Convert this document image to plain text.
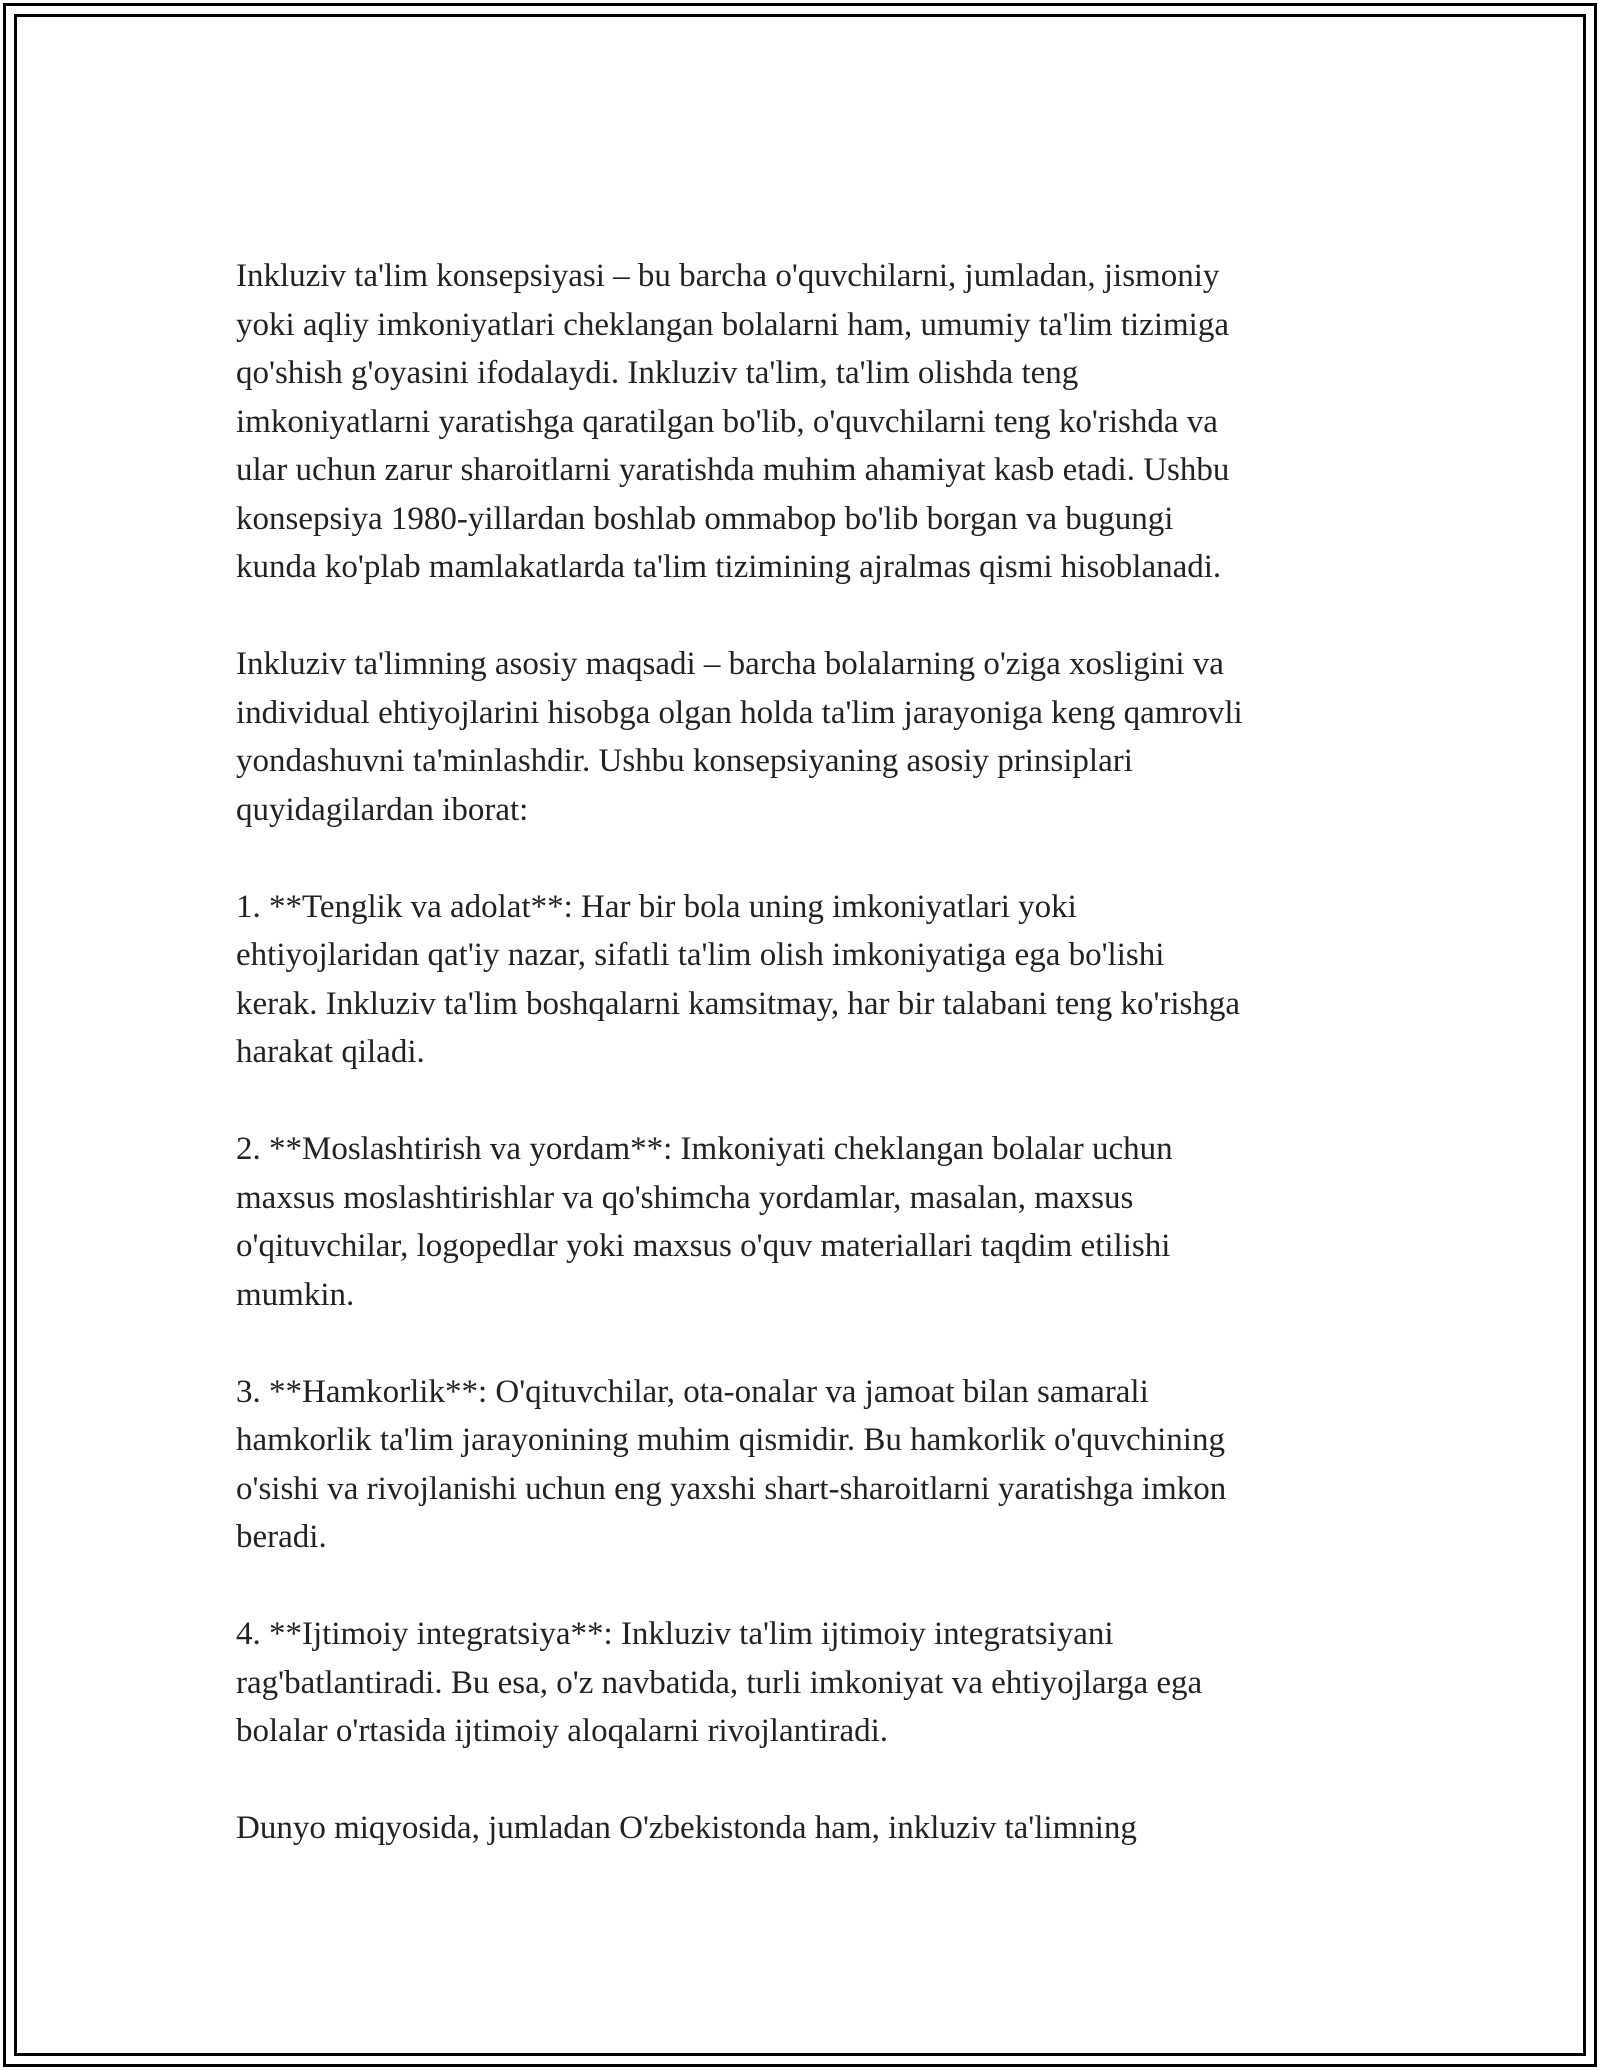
Inkluziv ta'lim konsepsiyasi – bu barcha o'quvchilarni, jumladan, jismoniy
yoki aqliy imkoniyatlari cheklangan bolalarni ham, umumiy ta'lim tizimiga
qo'shish g'oyasini ifodalaydi. Inkluziv ta'lim, ta'lim olishda teng
imkoniyatlarni yaratishga qaratilgan bo'lib, o'quvchilarni teng ko'rishda va
ular uchun zarur sharoitlarni yaratishda muhim ahamiyat kasb etadi. Ushbu
konsepsiya 1980-yillardan boshlab ommabop bo'lib borgan va bugungi
kunda ko'plab mamlakatlarda ta'lim tizimining ajralmas qismi hisoblanadi.

Inkluziv ta'limning asosiy maqsadi – barcha bolalarning o'ziga xosligini va
individual ehtiyojlarini hisobga olgan holda ta'lim jarayoniga keng qamrovli
yondashuvni ta'minlashdir. Ushbu konsepsiyaning asosiy prinsiplari
quyidagilardan iborat:

1. **Tenglik va adolat**: Har bir bola uning imkoniyatlari yoki
ehtiyojlaridan qat'iy nazar, sifatli ta'lim olish imkoniyatiga ega bo'lishi
kerak. Inkluziv ta'lim boshqalarni kamsitmay, har bir talabani teng ko'rishga
harakat qiladi.

2. **Moslashtirish va yordam**: Imkoniyati cheklangan bolalar uchun
maxsus moslashtirishlar va qo'shimcha yordamlar, masalan, maxsus
o'qituvchilar, logopedlar yoki maxsus o'quv materiallari taqdim etilishi
mumkin.

3. **Hamkorlik**: O'qituvchilar, ota-onalar va jamoat bilan samarali
hamkorlik ta'lim jarayonining muhim qismidir. Bu hamkorlik o'quvchining
o'sishi va rivojlanishi uchun eng yaxshi shart-sharoitlarni yaratishga imkon
beradi.

4. **Ijtimoiy integratsiya**: Inkluziv ta'lim ijtimoiy integratsiyani
rag'batlantiradi. Bu esa, o'z navbatida, turli imkoniyat va ehtiyojlarga ega
bolalar o'rtasida ijtimoiy aloqalarni rivojlantiradi.

Dunyo miqyosida, jumladan O'zbekistonda ham, inkluziv ta'limning
